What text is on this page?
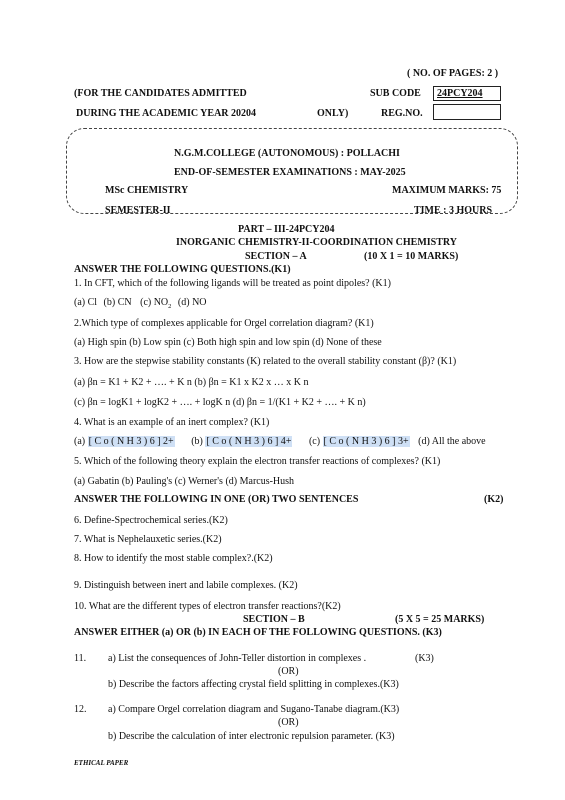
( NO. OF PAGES: 2 )
(FOR THE CANDIDATES ADMITTED	SUB CODE 24PCY204
DURING THE ACADEMIC YEAR 20204	ONLY)	REG.NO.
N.G.M.COLLEGE (AUTONOMOUS) : POLLACHI
END-OF-SEMESTER EXAMINATIONS : MAY-2025
MSc CHEMISTRY	MAXIMUM MARKS: 75
SEMESTER-II	TIME : 3 HOURS
PART – III-24PCY204
INORGANIC CHEMISTRY-II-COORDINATION CHEMISTRY
SECTION – A	(10 X 1 = 10 MARKS)
ANSWER THE FOLLOWING QUESTIONS.(K1)
1. In CFT, which of the following ligands will be treated as point dipoles? (K1)
(a) Cl (b) CN (c) $NO_2$ (d) NO
2.Which type of complexes applicable for Orgel correlation diagram? (K1)
(a) High spin (b) Low spin (c) Both high spin and low spin (d) None of these
3. How are the stepwise stability constants (K) related to the overall stability constant (β)? (K1)
(a) βn = K1 + K2 + …. + K n (b) βn = K1 x K2 x … x K n
(c) βn = logK1 + logK2 + …. + logK n (d) βn = 1/(K1 + K2 + …. + K n)
4. What is an example of an inert complex? (K1)
(a) [ C o ( N H 3 ) 6 ] 2+ (b) [ C o ( N H 3 ) 6 ] 4+ (c) [ C o ( N H 3 ) 6 ] 3+ (d) All the above
5. Which of the following theory explain the electron transfer reactions of complexes? (K1)
(a) Gabatin (b) Pauling's (c) Werner's (d) Marcus-Hush
ANSWER THE FOLLOWING IN ONE (OR) TWO SENTENCES	(K2)
6. Define-Spectrochemical series.(K2)
7. What is Nephelauxetic series.(K2)
8. How to identify the most stable complex?.(K2)
9. Distinguish between inert and labile complexes. (K2)
10. What are the different types of electron transfer reactions?(K2)
SECTION – B	(5 X 5 = 25 MARKS)
ANSWER EITHER (a) OR (b) IN EACH OF THE FOLLOWING QUESTIONS. (K3)
11. a) List the consequences of John-Teller distortion in complexes .	(K3)
(OR)
b) Describe the factors affecting crystal field splitting in complexes.(K3)
12. a) Compare Orgel correlation diagram and Sugano-Tanabe diagram.(K3)
(OR)
b) Describe the calculation of inter electronic repulsion parameter. (K3)
ETHICAL PAPER
